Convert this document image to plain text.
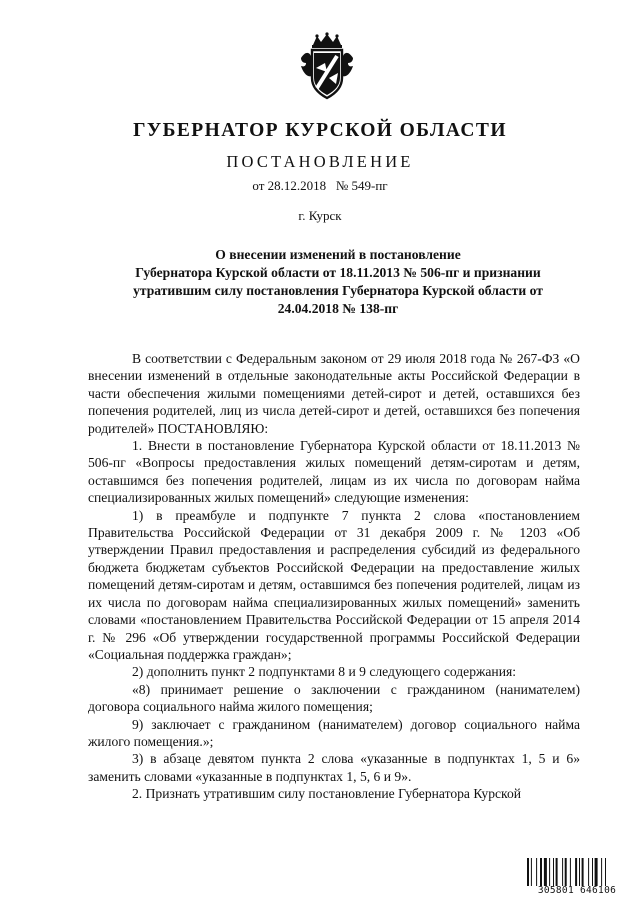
ГУБЕРНАТОР КУРСКОЙ ОБЛАСТИ
ПОСТАНОВЛЕНИЕ
от 28.12.2018   № 549-пг
г. Курск
О внесении изменений в постановление
Губернатора Курской области от 18.11.2013 № 506-пг и признании
утратившим силу постановления Губернатора Курской области от
24.04.2018 № 138-пг

В соответствии с Федеральным законом от 29 июля 2018 года № 267-ФЗ «О внесении изменений в отдельные законодательные акты Российской Федерации в части обеспечения жилыми помещениями детей-сирот и детей, оставшихся без попечения родителей, лиц из числа детей-сирот и детей, оставшихся без попечения родителей» ПОСТАНОВЛЯЮ:

1. Внести в постановление Губернатора Курской области от 18.11.2013 № 506-пг «Вопросы предоставления жилых помещений детям-сиротам и детям, оставшимся без попечения родителей, лицам из их числа по договорам найма специализированных жилых помещений» следующие изменения:

1) в преамбуле и подпункте 7 пункта 2 слова «постановлением Правительства Российской Федерации от 31 декабря 2009 г. № 1203 «Об утверждении Правил предоставления и распределения субсидий из федерального бюджета бюджетам субъектов Российской Федерации на предоставление жилых помещений детям-сиротам и детям, оставшимся без попечения родителей, лицам из их числа по договорам найма специализированных жилых помещений» заменить словами «постановлением Правительства Российской Федерации от 15 апреля 2014 г. № 296 «Об утверждении государственной программы Российской Федерации «Социальная поддержка граждан»;

2) дополнить пункт 2 подпунктами 8 и 9 следующего содержания:

«8) принимает решение о заключении с гражданином (нанимателем) договора социального найма жилого помещения;

9) заключает с гражданином (нанимателем) договор социального найма жилого помещения.»;

3) в абзаце девятом пункта 2 слова «указанные в подпунктах 1, 5 и 6» заменить словами «указанные в подпунктах 1, 5, 6 и 9».

2. Признать утратившим силу постановление Губернатора Курской

305801 646106
